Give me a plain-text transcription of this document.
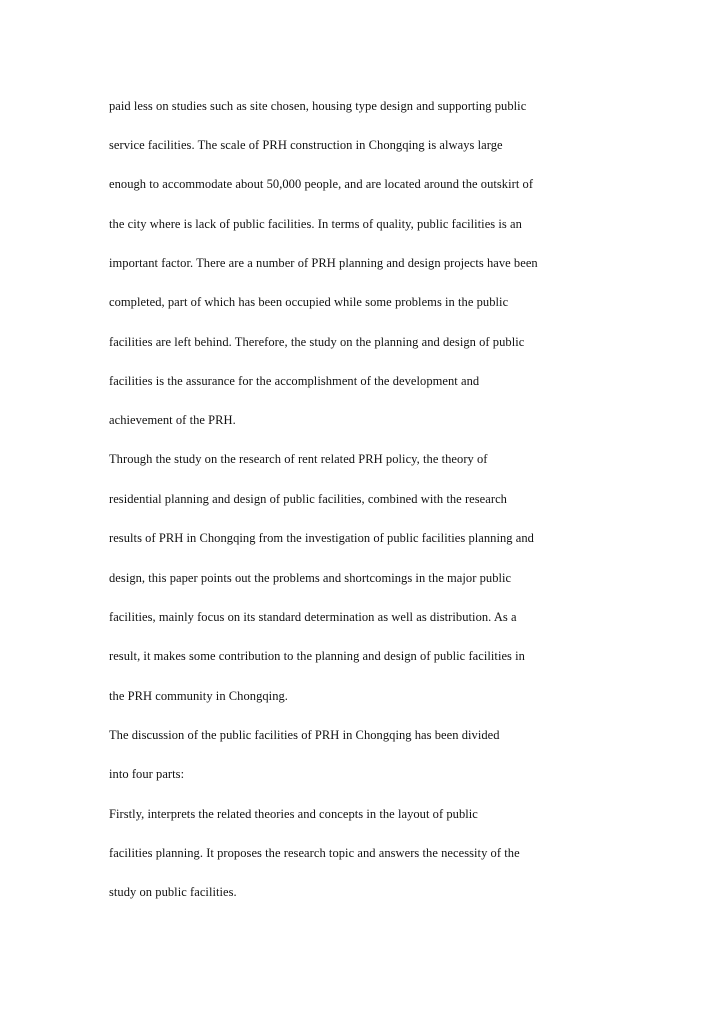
paid less on studies such as site chosen, housing type design and supporting public
service facilities. The scale of PRH construction in Chongqing is always large
enough to accommodate about 50,000 people, and are located around the outskirt of
the city where is lack of public facilities. In terms of quality, public facilities is an
important factor. There are a number of PRH planning and design projects have been
completed, part of which has been occupied while some problems in the public
facilities are left behind. Therefore, the study on the planning and design of public
facilities is the assurance for the accomplishment of the development and
achievement of the PRH.
Through the study on the research of rent related PRH policy, the theory of
residential planning and design of public facilities, combined with the research
results of PRH in Chongqing from the investigation of public facilities planning and
design, this paper points out the problems and shortcomings in the major public
facilities, mainly focus on its standard determination as well as distribution. As a
result, it makes some contribution to the planning and design of public facilities in
the PRH community in Chongqing.
The discussion of the public facilities of PRH in Chongqing has been divided
into four parts:
Firstly, interprets the related theories and concepts in the layout of public
facilities planning. It proposes the research topic and answers the necessity of the
study on public facilities.
